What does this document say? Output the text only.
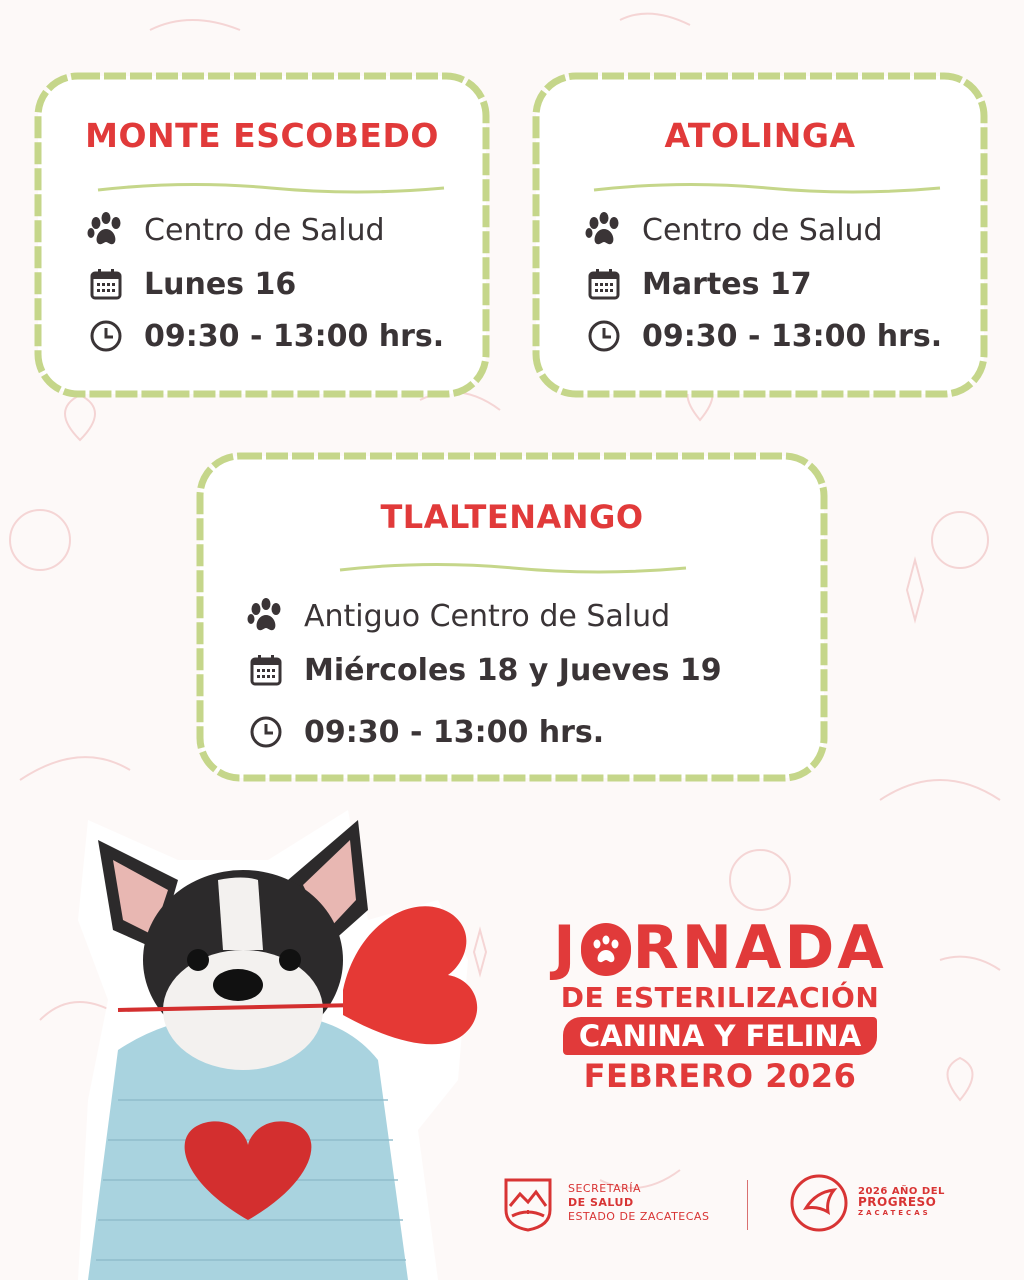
MONTE ESCOBEDO
Centro de Salud
Lunes 16
09:30 - 13:00 hrs.
ATOLINGA
Centro de Salud
Martes 17
09:30 - 13:00 hrs.
TLALTENANGO
Antiguo Centro de Salud
Miércoles 18 y Jueves 19
09:30 - 13:00 hrs.
J RNADA
DE ESTERILIZACIÓN
CANINA Y FELINA
FEBRERO 2026
SECRETARÍA
DE SALUD
ESTADO DE ZACATECAS
2026 AÑO DEL
PROGRESO
ZACATECAS
